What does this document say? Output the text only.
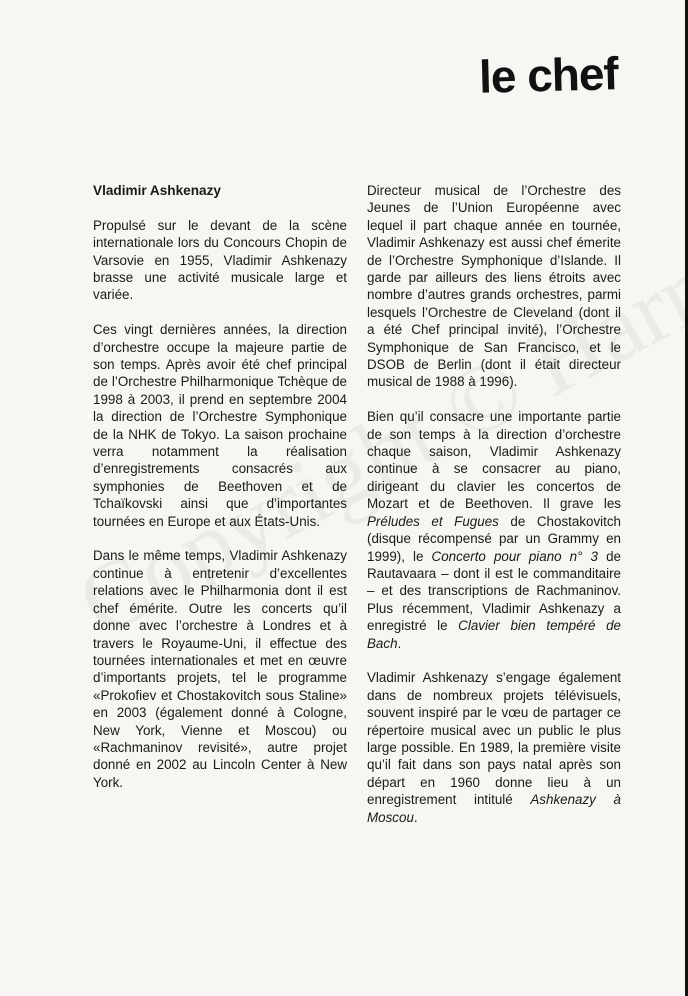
le chef
Vladimir Ashkenazy

Propulsé sur le devant de la scène internationale lors du Concours Chopin de Varsovie en 1955, Vladimir Ashkenazy brasse une activité musicale large et variée.

Ces vingt dernières années, la direction d’orchestre occupe la majeure partie de son temps. Après avoir été chef principal de l’Orchestre Philharmonique Tchèque de 1998 à 2003, il prend en septembre 2004 la direction de l’Orchestre Symphonique de la NHK de Tokyo. La saison prochaine verra notamment la réalisation d’enregistrements consacrés aux symphonies de Beethoven et de Tchaïkovski ainsi que d’importantes tournées en Europe et aux États-Unis.

Dans le même temps, Vladimir Ashkenazy continue à entretenir d’excellentes relations avec le Philharmonia dont il est chef émérite. Outre les concerts qu’il donne avec l’orchestre à Londres et à travers le Royaume-Uni, il effectue des tournées internationales et met en œuvre d’importants projets, tel le programme «Prokofiev et Chostakovitch sous Staline» en 2003 (également donné à Cologne, New York, Vienne et Moscou) ou «Rachmaninov revisité», autre projet donné en 2002 au Lincoln Center à New York.

Directeur musical de l’Orchestre des Jeunes de l’Union Européenne avec lequel il part chaque année en tournée, Vladimir Ashkenazy est aussi chef émerite de l’Orchestre Symphonique d’Islande. Il garde par ailleurs des liens étroits avec nombre d’autres grands orchestres, parmi lesquels l’Orchestre de Cleveland (dont il a été Chef principal invité), l’Orchestre Symphonique de San Francisco, et le DSOB de Berlin (dont il était directeur musical de 1988 à 1996).

Bien qu’il consacre une importante partie de son temps à la direction d’orchestre chaque saison, Vladimir Ashkenazy continue à se consacrer au piano, dirigeant du clavier les concertos de Mozart et de Beethoven. Il grave les Préludes et Fugues de Chostakovitch (disque récompensé par un Grammy en 1999), le Concerto pour piano n° 3 de Rautavaara – dont il est le commanditaire – et des transcriptions de Rachmaninov. Plus récemment, Vladimir Ashkenazy a enregistré le Clavier bien tempéré de Bach.

Vladimir Ashkenazy s’engage également dans de nombreux projets télévisuels, souvent inspiré par le vœu de partager ce répertoire musical avec un public le plus large possible. En 1989, la première visite qu’il fait dans son pays natal après son départ en 1960 donne lieu à un enregistrement intitulé Ashkenazy à Moscou.
